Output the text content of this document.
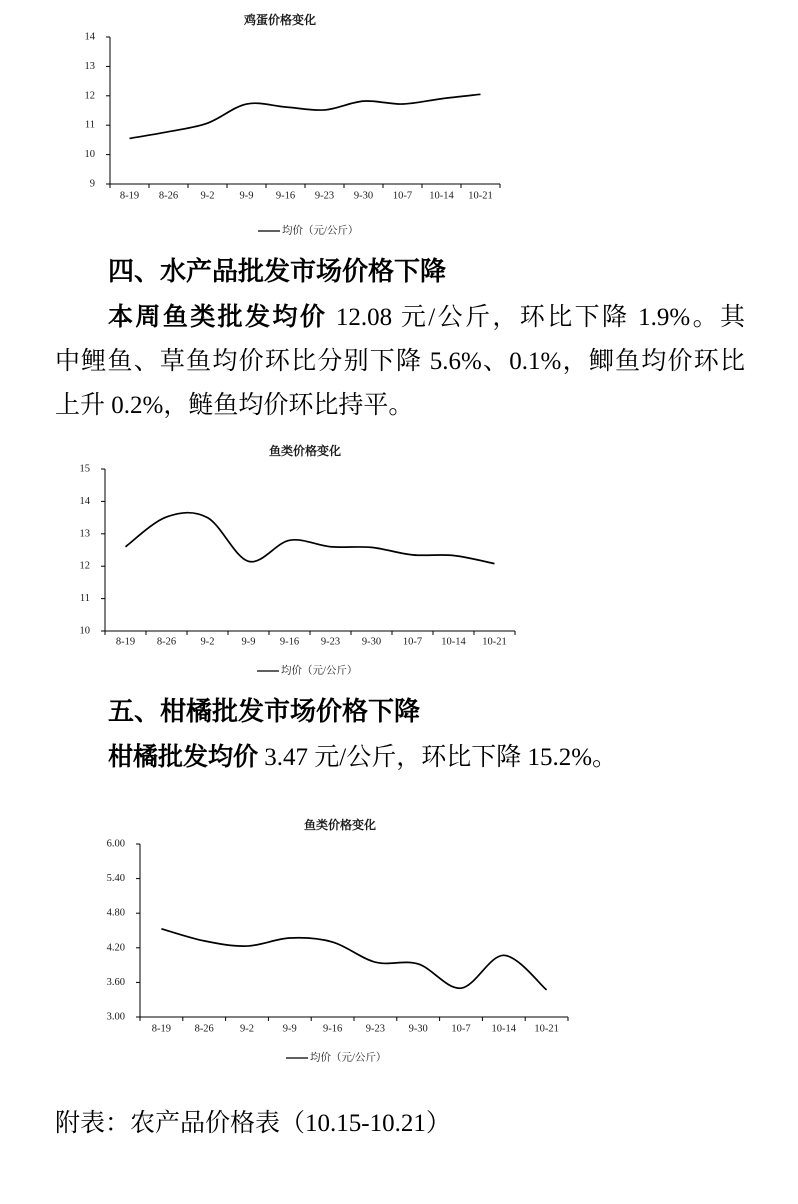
鸡蛋价格变化
9
10
11
12
13
14
8-19 8-26 9-2 9-9 9-16 9-23 9-30 10-7 10-14 10-21
均价（元/公斤）
四、水产品批发市场价格下降
本周鱼类批发均价 12.08 元/公斤，环比下降 1.9%。其
中鲤鱼、草鱼均价环比分别下降 5.6%、0.1%，鲫鱼均价环比
上升 0.2%，鲢鱼均价环比持平。
鱼类价格变化
10
11
12
13
14
15
8-19 8-26 9-2	9-9 9-16 9-23 9-30 10-7 10-14 10-21
均价（元/公斤）
五、柑橘批发市场价格下降
柑橘批发均价 3.47 元/公斤，环比下降 15.2%。
鱼类价格变化
3.00
3.60
4.20
4.80
5.40
6.00
8-19 8-26 9-2	9-9 9-16 9-23 9-30 10-7 10-14 10-21
均价（元/公斤）
附表：农产品价格表（10.15-10.21）
